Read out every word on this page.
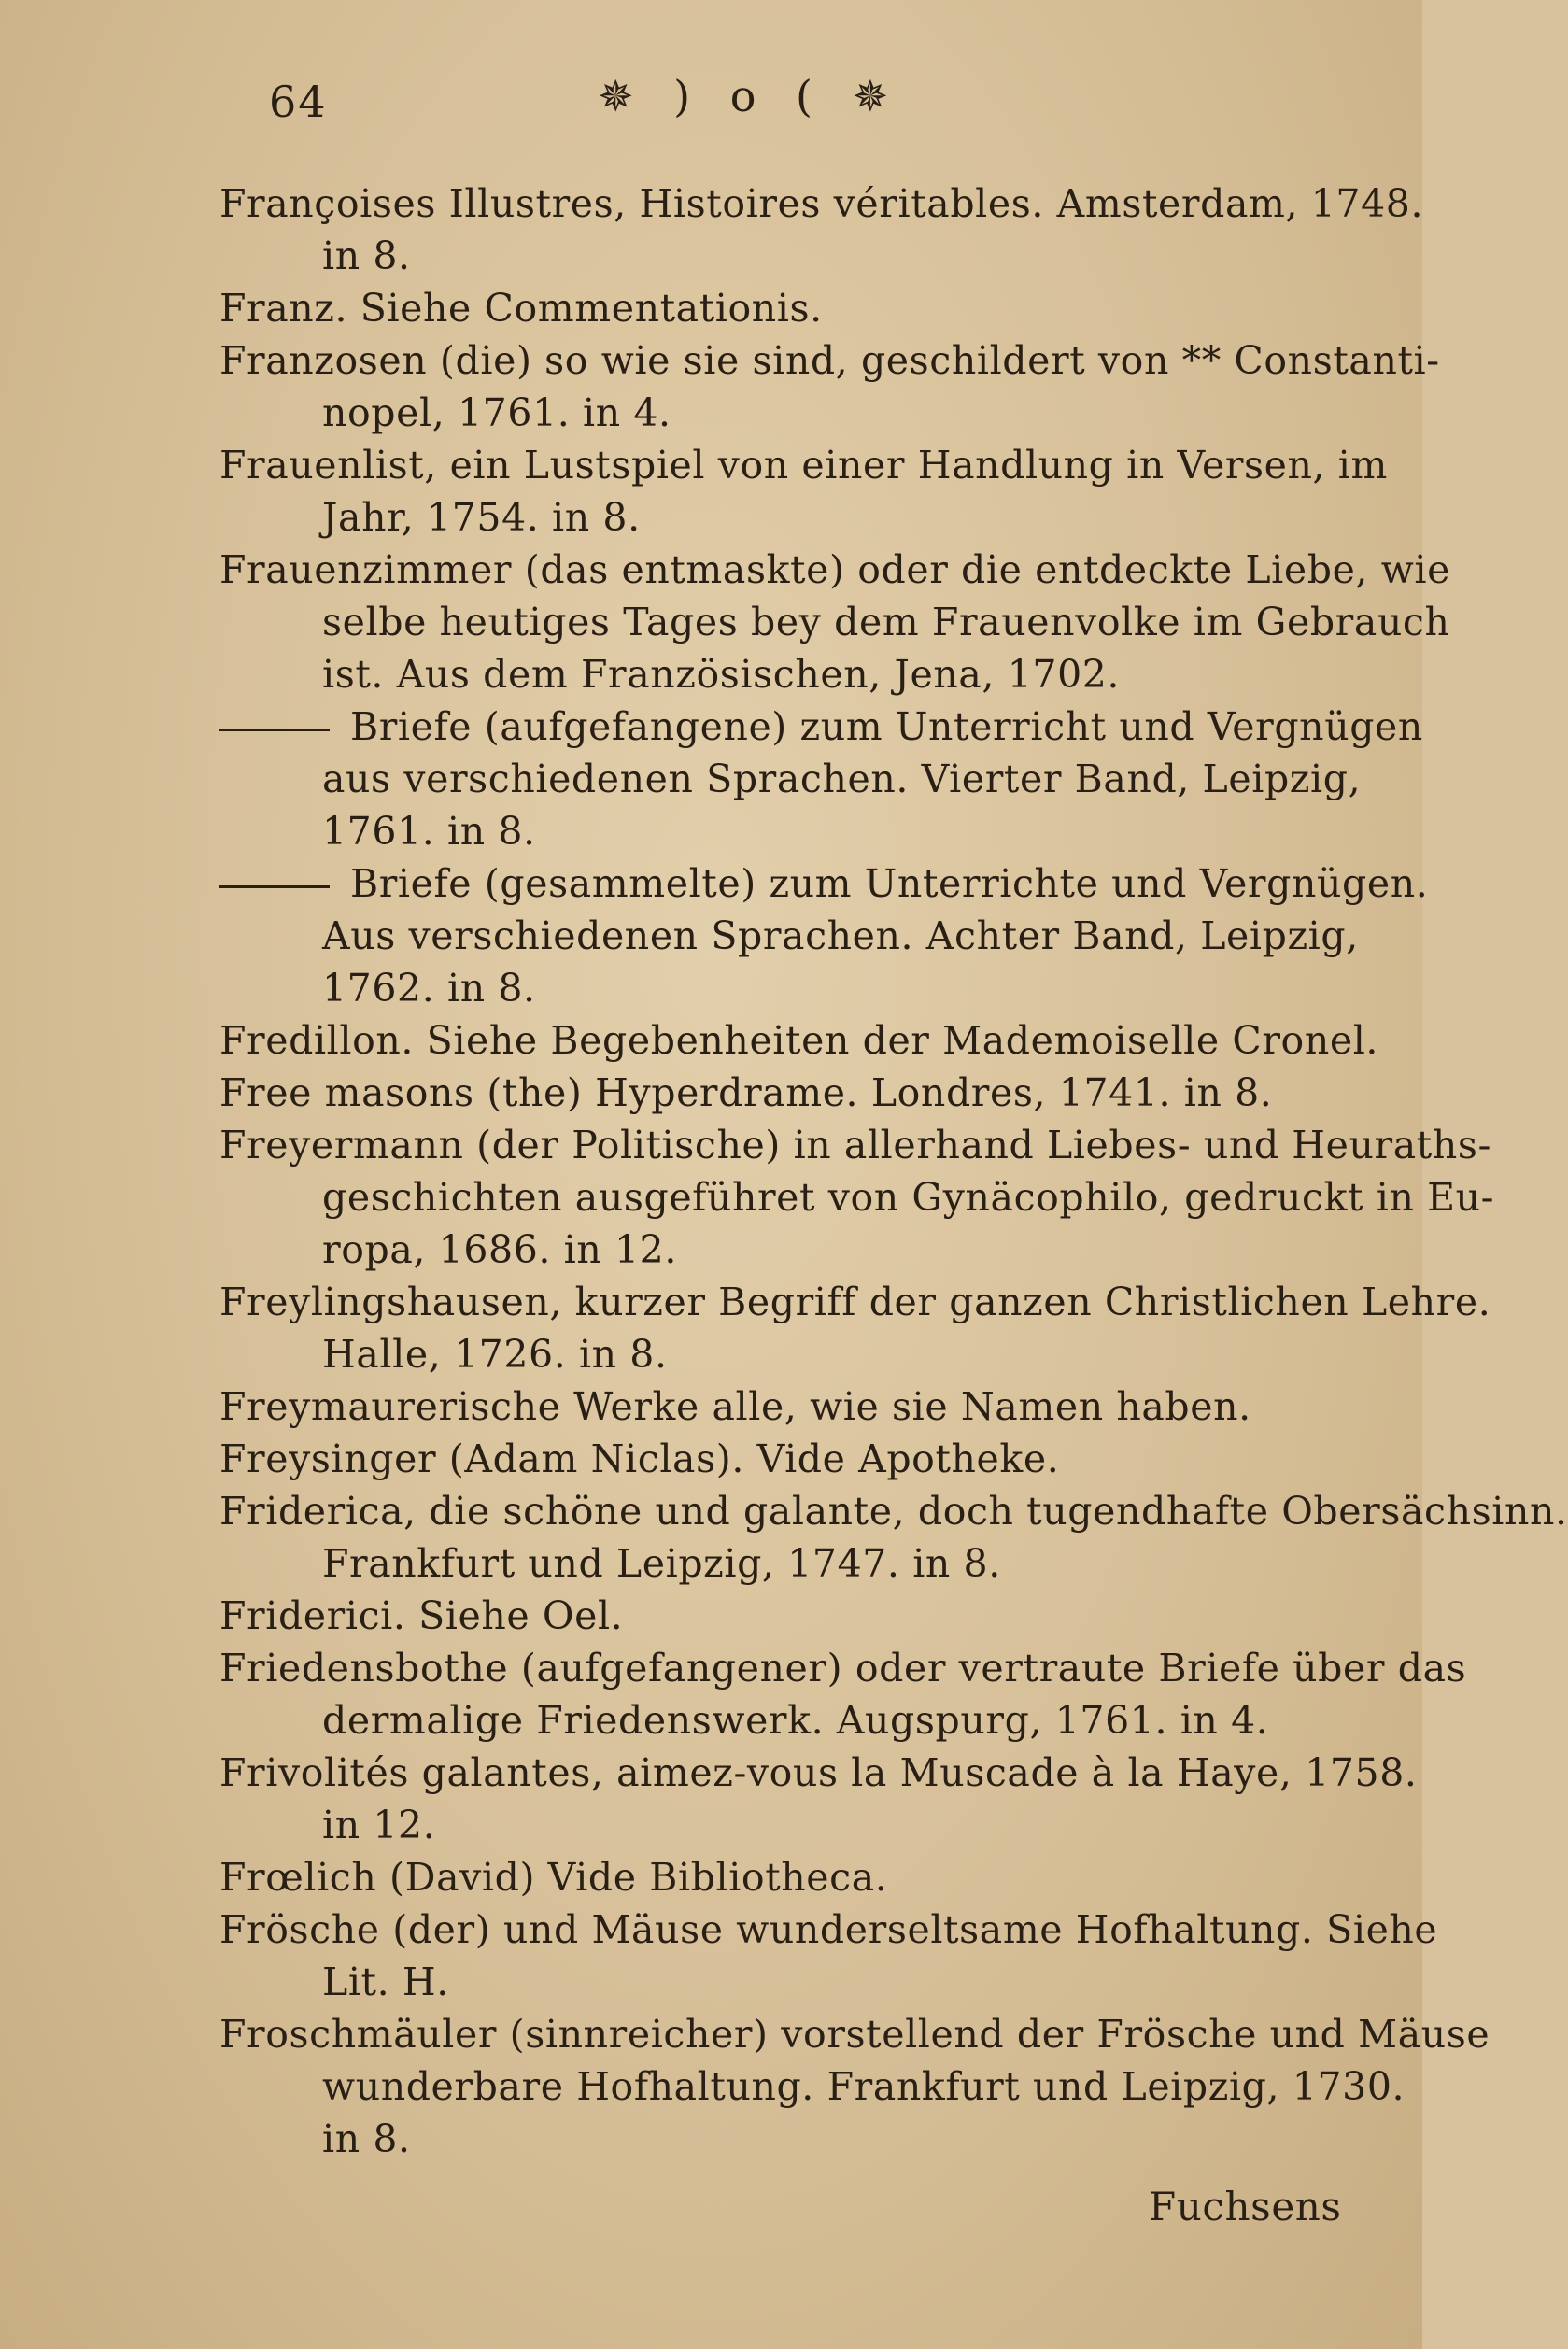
64	✵ ) o ( ✵
Françoises Illustres, Histoires véritables. Amsterdam, 1748.
in 8.
Franz. Siehe Commentationis.
Franzosen (die) so wie sie sind, geschildert von ** Constanti-
nopel, 1761. in 4.
Frauenlist, ein Lustspiel von einer Handlung in Versen, im
Jahr, 1754. in 8.
Frauenzimmer (das entmaskte) oder die entdeckte Liebe, wie
selbe heutiges Tages bey dem Frauenvolke im Gebrauch
ist. Aus dem Französischen, Jena, 1702.
Briefe (aufgefangene) zum Unterricht und Vergnügen
aus verschiedenen Sprachen. Vierter Band, Leipzig,
1761. in 8.
Briefe (gesammelte) zum Unterrichte und Vergnügen.
Aus verschiedenen Sprachen. Achter Band, Leipzig,
1762. in 8.
Fredillon. Siehe Begebenheiten der Mademoiselle Cronel.
Free masons (the) Hyperdrame. Londres, 1741. in 8.
Freyermann (der Politische) in allerhand Liebes- und Heuraths-
geschichten ausgeführet von Gynäcophilo, gedruckt in Eu-
ropa, 1686. in 12.
Freylingshausen, kurzer Begriff der ganzen Christlichen Lehre.
Halle, 1726. in 8.
Freymaurerische Werke alle, wie sie Namen haben.
Freysinger (Adam Niclas). Vide Apotheke.
Friderica, die schöne und galante, doch tugendhafte Obersächsinn.
Frankfurt und Leipzig, 1747. in 8.
Friderici. Siehe Oel.
Friedensbothe (aufgefangener) oder vertraute Briefe über das
dermalige Friedenswerk. Augspurg, 1761. in 4.
Frivolités galantes, aimez-vous la Muscade à la Haye, 1758.
in 12.
Frœlich (David) Vide Bibliotheca.
Frösche (der) und Mäuse wunderseltsame Hofhaltung. Siehe
Lit. H.
Froschmäuler (sinnreicher) vorstellend der Frösche und Mäuse
wunderbare Hofhaltung. Frankfurt und Leipzig, 1730.
in 8.
Fuchsens
